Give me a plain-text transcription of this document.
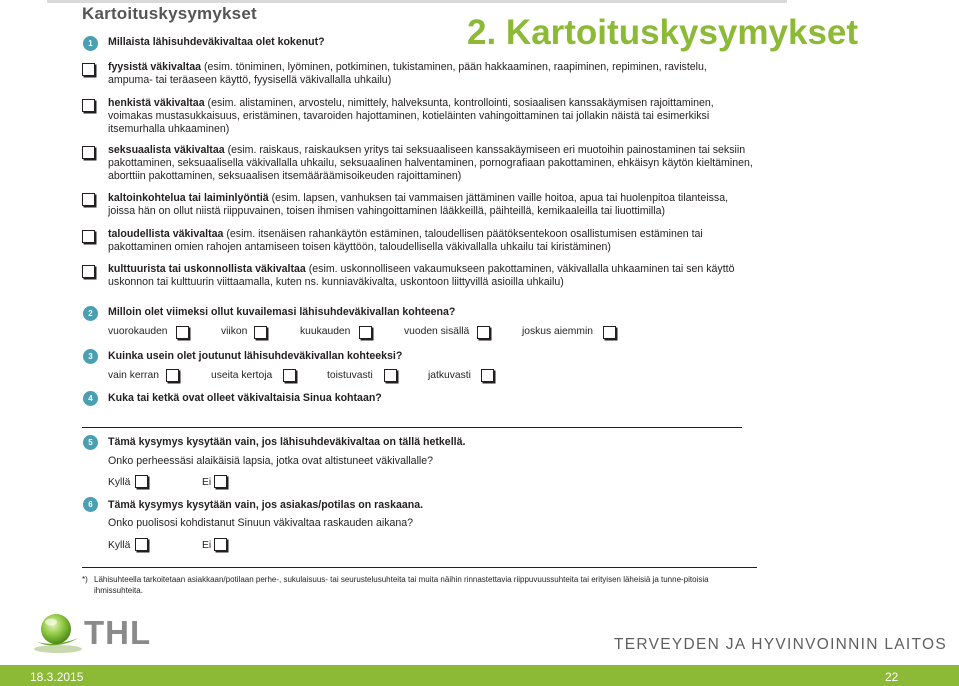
Kartoituskysymykset	2. Kartoituskysymykset
1	Millaista lähisuhdeväkivaltaa olet kokenut?
fyysistä väkivaltaa (esim. töniminen, lyöminen, potkiminen, tukistaminen, pään hakkaaminen, raapiminen, repiminen, ravistelu, ampuma- tai teräaseen käyttö, fyysisellä väkivallalla uhkailu)
henkistä väkivaltaa (esim. alistaminen, arvostelu, nimittely, halveksunta, kontrollointi, sosiaalisen kanssakäymisen rajoittaminen, voimakas mustasukkaisuus, eristäminen, tavaroiden hajottaminen, kotieläinten vahingoittaminen tai jollakin näistä tai esimerkiksi itsemurhalla uhkaaminen)
seksuaalista väkivaltaa (esim. raiskaus, raiskauksen yritys tai seksuaaliseen kanssakäymiseen eri muotoihin painostaminen tai seksiin pakottaminen, seksuaalisella väkivallalla uhkailu, seksuaalinen halventaminen, pornografiaan pakottaminen, ehkäisyn käytön kieltäminen, aborttiin pakottaminen, seksuaalisen itsemääräämisoikeuden rajoittaminen)
kaltoinkohtelua tai laiminlyöntiä (esim. lapsen, vanhuksen tai vammaisen jättäminen vaille hoitoa, apua tai huolenpitoa tilanteissa, joissa hän on ollut niistä riippuvainen, toisen ihmisen vahingoittaminen lääkkeillä, päihteillä, kemikaaleilla tai liuottimilla)
taloudellista väkivaltaa (esim. itsenäisen rahankäytön estäminen, taloudellisen päätöksentekoon osallistumisen estäminen tai pakottaminen omien rahojen antamiseen toisen käyttöön, taloudellisella väkivallalla uhkailu tai kiristäminen)
kulttuurista tai uskonnollista väkivaltaa (esim. uskonnolliseen vakaumukseen pakottaminen, väkivallalla uhkaaminen tai sen käyttö uskonnon tai kulttuurin viittaamalla, kuten ns. kunniaväkivalta, uskontoon liittyvillä asioilla uhkailu)
2	Milloin olet viimeksi ollut kuvailemasi lähisuhdeväkivallan kohteena?
vuorokauden	viikon	kuukauden	vuoden sisällä	joskus aiemmin
3	Kuinka usein olet joutunut lähisuhdeväkivallan kohteeksi?
vain kerran	useita kertoja	toistuvasti	jatkuvasti
4	Kuka tai ketkä ovat olleet väkivaltaisia Sinua kohtaan?
5	Tämä kysymys kysytään vain, jos lähisuhdeväkivaltaa on tällä hetkellä.
Onko perheessäsi alaikäisiä lapsia, jotka ovat altistuneet väkivallalle?
Kyllä	Ei
6	Tämä kysymys kysytään vain, jos asiakas/potilas on raskaana.
Onko puolisosi kohdistanut Sinuun väkivaltaa raskauden aikana?
Kyllä	Ei
*) Lähisuhteella tarkoitetaan asiakkaan/potilaan perhe-, sukulaisuus- tai seurustelusuhteita tai muita näihin rinnastettavia riippuvuussuhteita tai erityisen läheisiä ja tunne-pitoisia ihmissuhteita.
THL	TERVEYDEN JA HYVINVOINNIN LAITOS
18.3.2015	22
